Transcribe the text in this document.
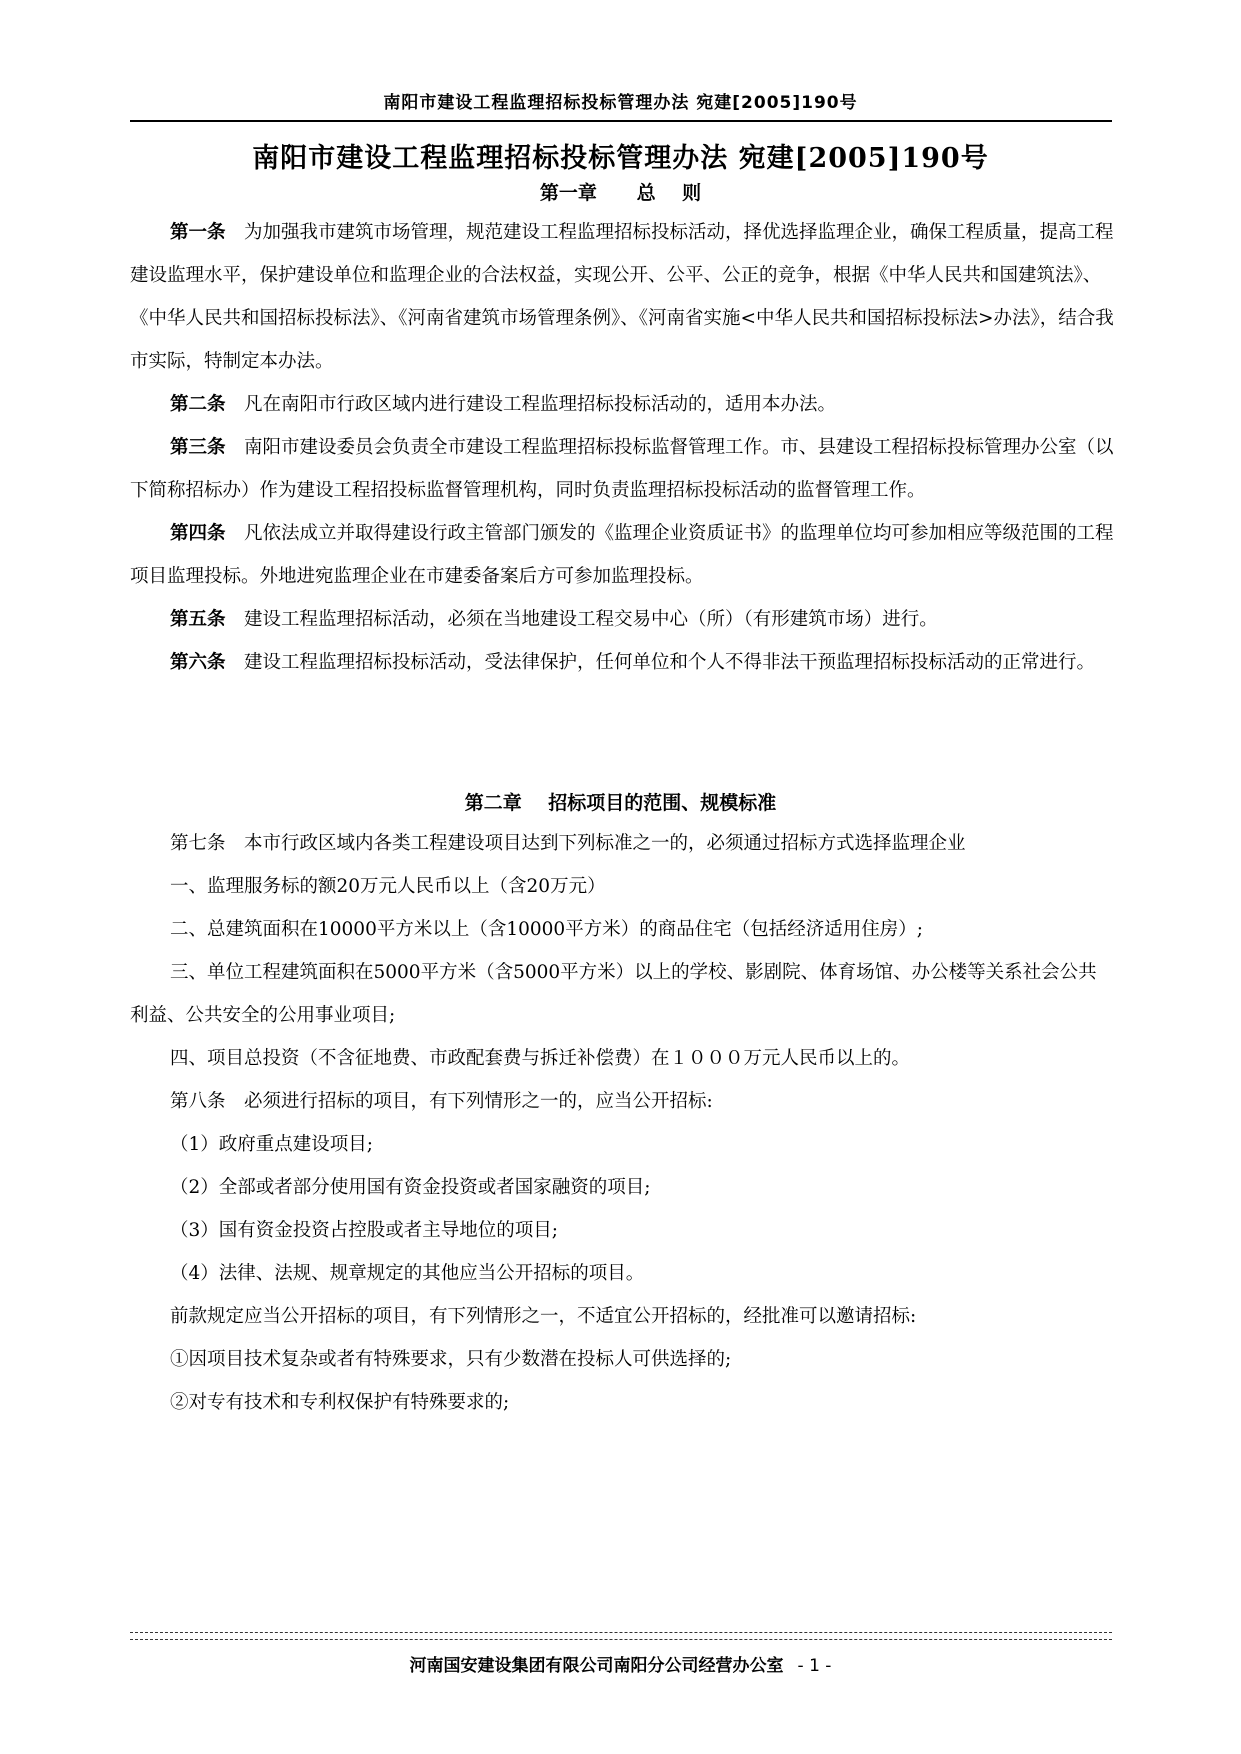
南阳市建设工程监理招标投标管理办法 宛建[2005]190号
南阳市建设工程监理招标投标管理办法 宛建[2005]190号
第一章      总    则

第一条　为加强我市建筑市场管理，规范建设工程监理招标投标活动，择优选择监理企业，确保工程质量，提高工程建设监理水平，保护建设单位和监理企业的合法权益，实现公开、公平、公正的竞争，根据《中华人民共和国建筑法》、《中华人民共和国招标投标法》、《河南省建筑市场管理条例》、《河南省实施<中华人民共和国招标投标法>办法》，结合我市实际，特制定本办法。

第二条　凡在南阳市行政区域内进行建设工程监理招标投标活动的，适用本办法。

第三条　南阳市建设委员会负责全市建设工程监理招标投标监督管理工作。市、县建设工程招标投标管理办公室（以下简称招标办）作为建设工程招投标监督管理机构，同时负责监理招标投标活动的监督管理工作。

第四条　凡依法成立并取得建设行政主管部门颁发的《监理企业资质证书》的监理单位均可参加相应等级范围的工程项目监理投标。外地进宛监理企业在市建委备案后方可参加监理投标。

第五条　建设工程监理招标活动，必须在当地建设工程交易中心（所）（有形建筑市场）进行。

第六条　建设工程监理招标投标活动，受法律保护，任何单位和个人不得非法干预监理招标投标活动的正常进行。

第二章    招标项目的范围、规模标准

第七条　本市行政区域内各类工程建设项目达到下列标准之一的，必须通过招标方式选择监理企业

一、监理服务标的额20万元人民币以上（含20万元）

二、总建筑面积在10000平方米以上（含10000平方米）的商品住宅（包括经济适用住房）;

三、单位工程建筑面积在5000平方米（含5000平方米）以上的学校、影剧院、体育场馆、办公楼等关系社会公共利益、公共安全的公用事业项目;

四、项目总投资（不含征地费、市政配套费与拆迁补偿费）在１０００万元人民币以上的。

第八条　必须进行招标的项目，有下列情形之一的，应当公开招标:

（1）政府重点建设项目;

（2）全部或者部分使用国有资金投资或者国家融资的项目;

（3）国有资金投资占控股或者主导地位的项目;

（4）法律、法规、规章规定的其他应当公开招标的项目。

前款规定应当公开招标的项目，有下列情形之一，不适宜公开招标的，经批准可以邀请招标:

①因项目技术复杂或者有特殊要求，只有少数潜在投标人可供选择的;

②对专有技术和专利权保护有特殊要求的;

河南国安建设集团有限公司南阳分公司经营办公室 - 1 -
